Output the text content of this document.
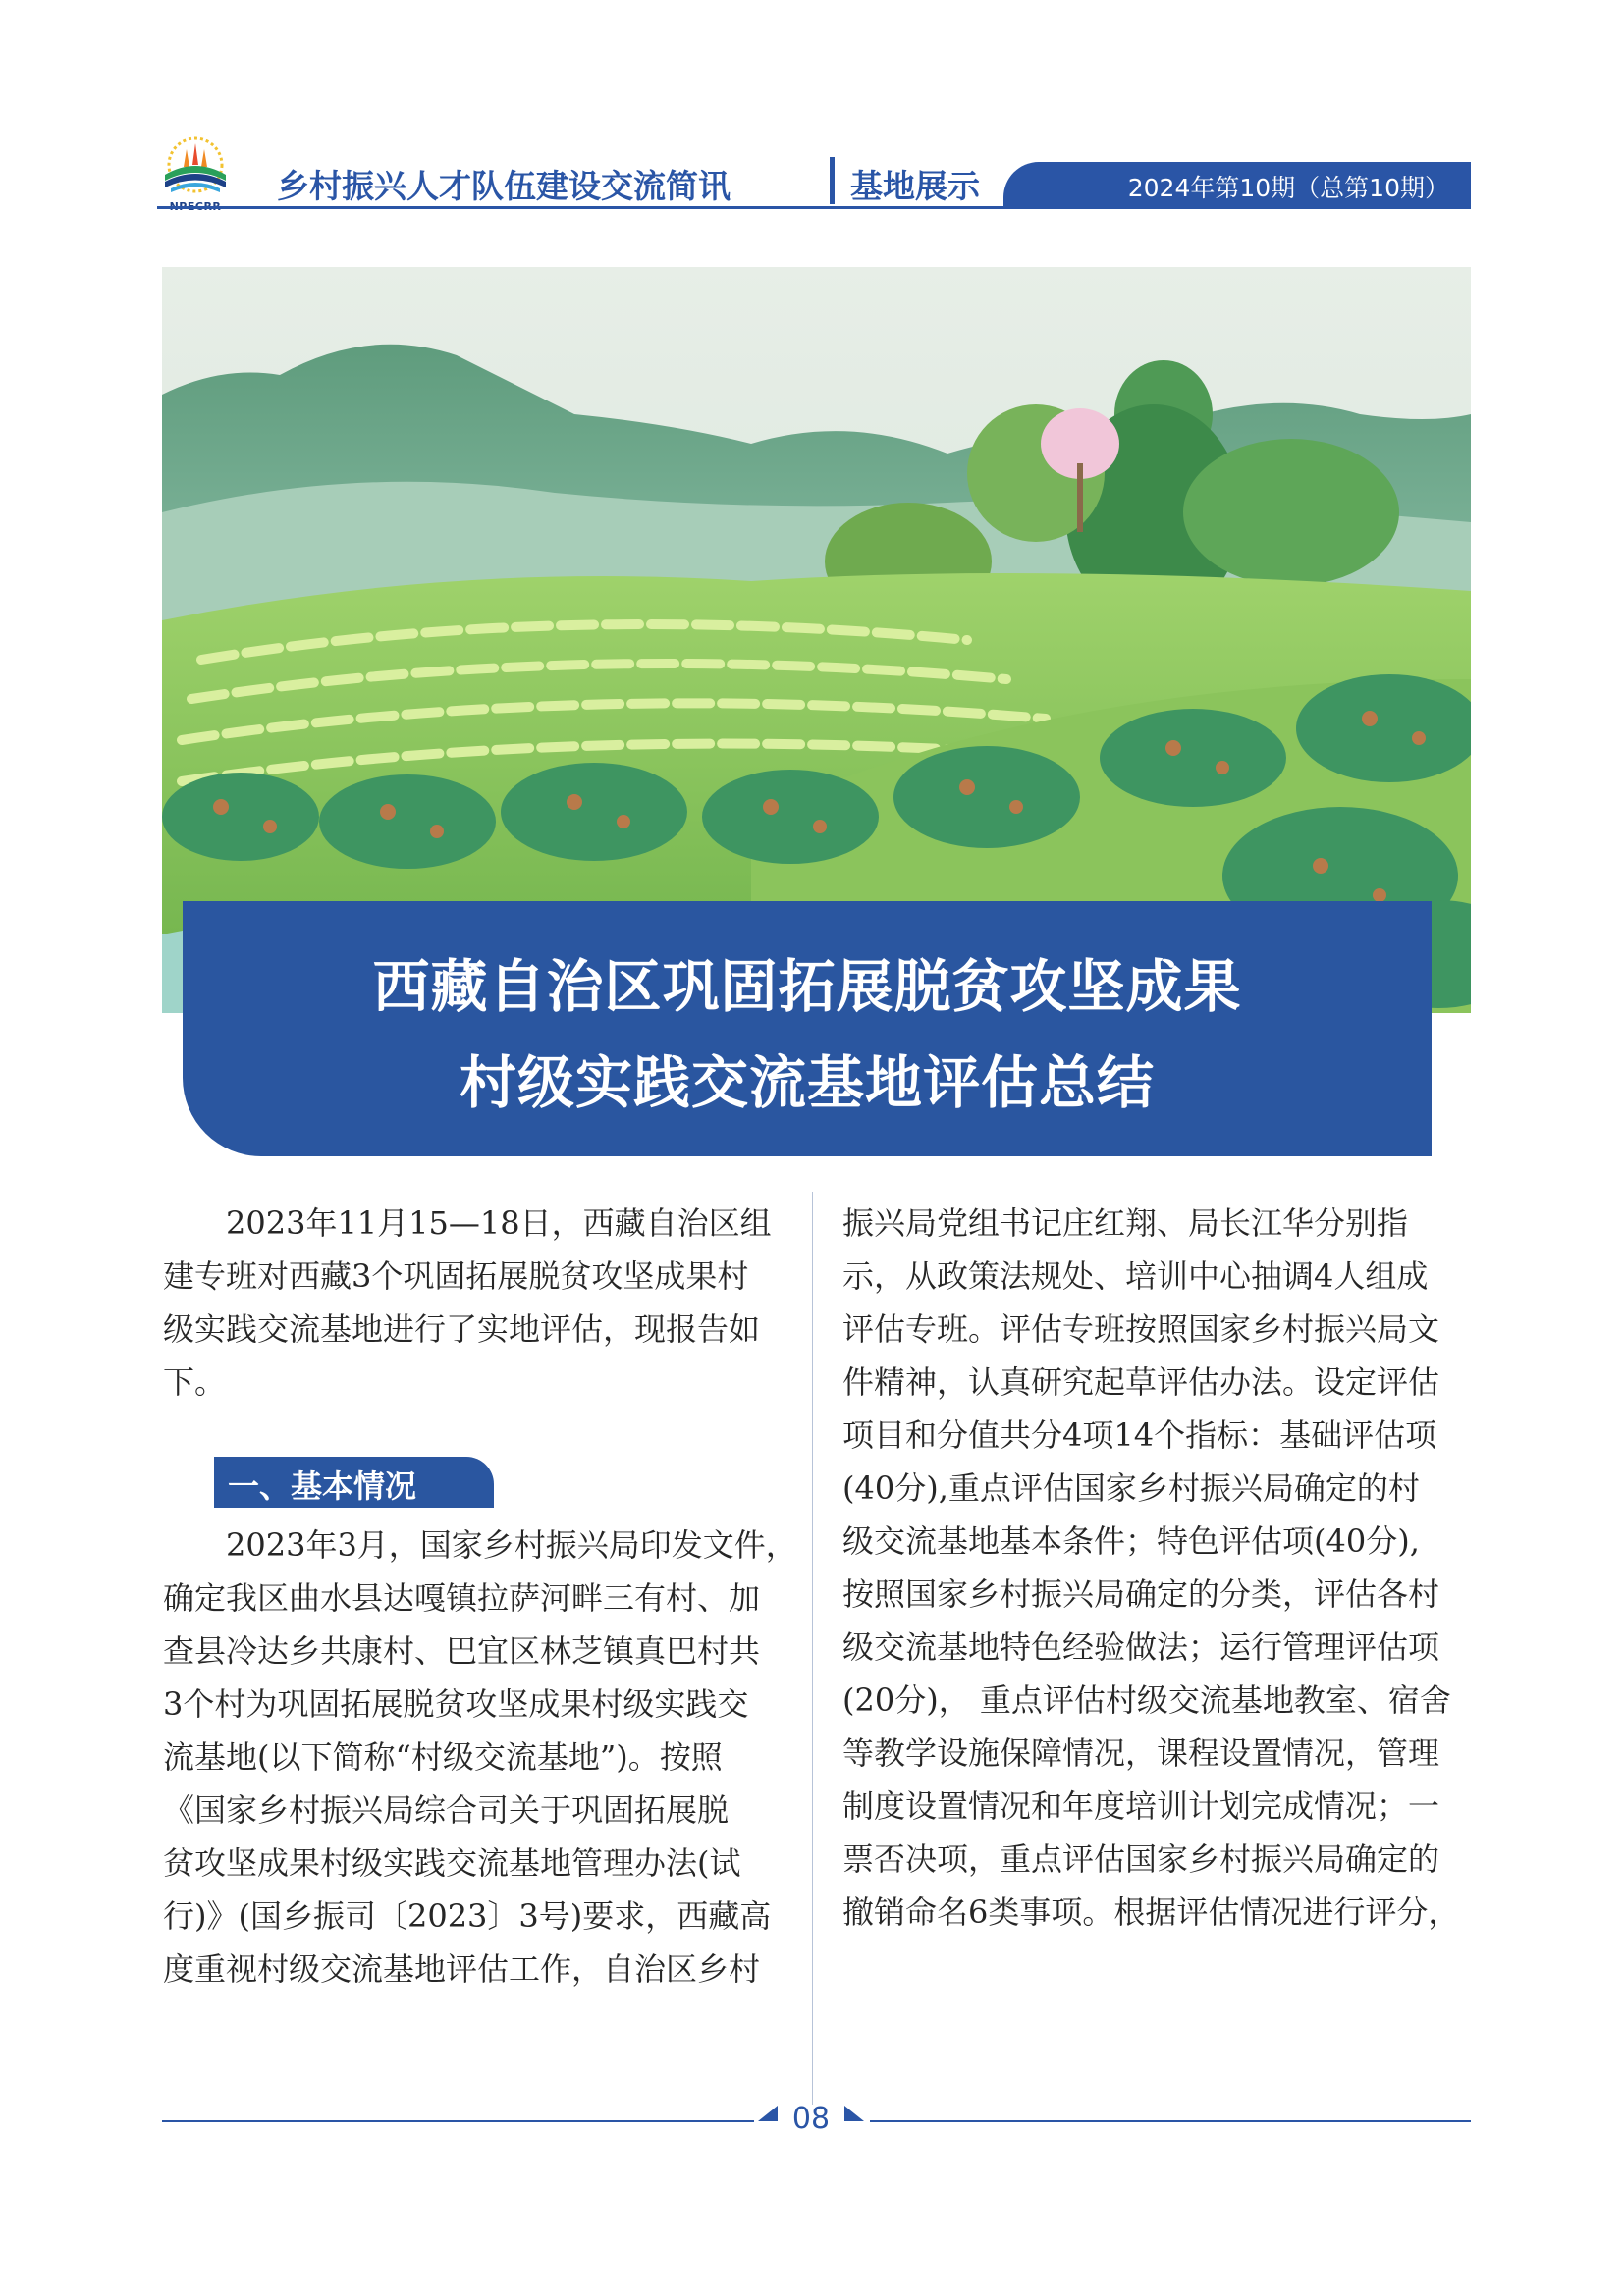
乡村振兴人才队伍建设交流简讯	基地展示	2024年第10期（总第10期）
西藏自治区巩固拓展脱贫攻坚成果
村级实践交流基地评估总结
2023年11月15—18日，西藏自治区组
建专班对西藏3个巩固拓展脱贫攻坚成果村
级实践交流基地进行了实地评估，现报告如
下。
一、基本情况
2023年3月，国家乡村振兴局印发文件，
确定我区曲水县达嘎镇拉萨河畔三有村、加
查县冷达乡共康村、巴宜区林芝镇真巴村共
3个村为巩固拓展脱贫攻坚成果村级实践交
流基地(以下简称“村级交流基地”)。按照
《国家乡村振兴局综合司关于巩固拓展脱
贫攻坚成果村级实践交流基地管理办法(试
行)》(国乡振司〔2023〕3号)要求，西藏高
度重视村级交流基地评估工作，自治区乡村
振兴局党组书记庄红翔、局长江华分别指
示，从政策法规处、培训中心抽调4人组成
评估专班。评估专班按照国家乡村振兴局文
件精神，认真研究起草评估办法。设定评估
项目和分值共分4项14个指标：基础评估项
(40分),重点评估国家乡村振兴局确定的村
级交流基地基本条件；特色评估项(40分),
按照国家乡村振兴局确定的分类，评估各村
级交流基地特色经验做法；运行管理评估项
(20分)， 重点评估村级交流基地教室、宿舍
等教学设施保障情况，课程设置情况，管理
制度设置情况和年度培训计划完成情况；一
票否决项，重点评估国家乡村振兴局确定的
撤销命名6类事项。根据评估情况进行评分，
08
